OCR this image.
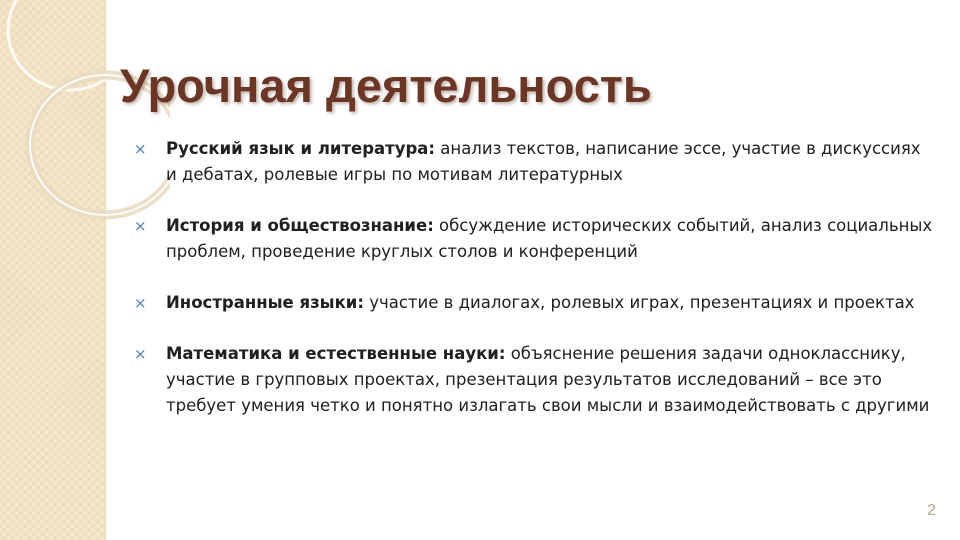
Урочная деятельность
× Русский язык и литература: анализ текстов, написание эссе, участие в дискуссиях и дебатах, ролевые игры по мотивам литературных
× История и обществознание: обсуждение исторических событий, анализ социальных проблем, проведение круглых столов и конференций
× Иностранные языки: участие в диалогах, ролевых играх, презентациях и проектах
× Математика и естественные науки: объяснение решения задачи однокласснику, участие в групповых проектах, презентация результатов исследований – все это требует умения четко и понятно излагать свои мысли и взаимодействовать с другими
2
